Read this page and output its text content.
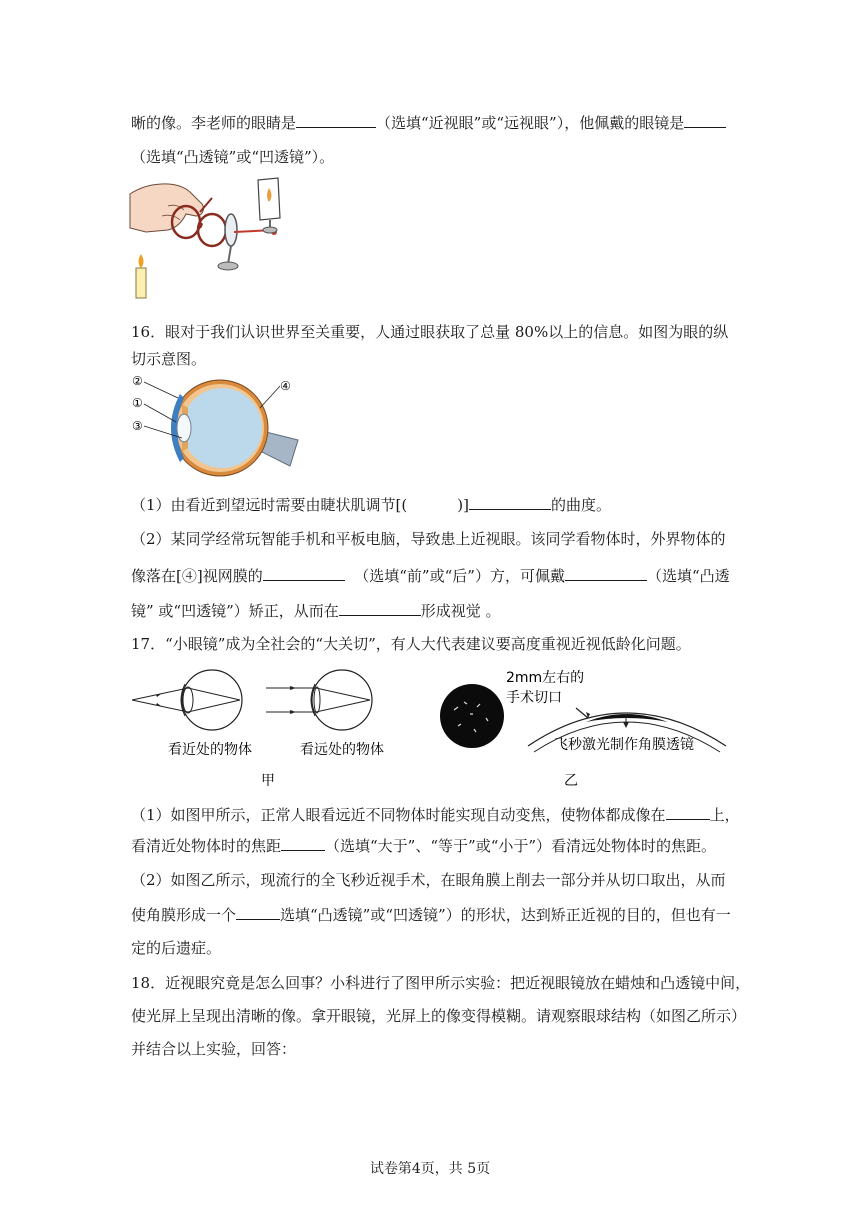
晰的像。李老师的眼睛是	（选填“近视眼”或“远视眼”），他佩戴的眼镜是
（选填“凸透镜”或“凹透镜”）。
16．眼对于我们认识世界至关重要，人通过眼获取了总量 80%以上的信息。如图为眼的纵
切示意图。
②
①
③
④
（1）由看近到望远时需要由睫状肌调节[(	)]	的曲度。
（2）某同学经常玩智能手机和平板电脑，导致患上近视眼。该同学看物体时，外界物体的
像落在[④]视网膜的	（选填“前”或“后”）方，可佩戴	（选填“凸透
镜” 或“凹透镜”）矫正，从而在	形成视觉 。
17．“小眼镜”成为全社会的“大关切”，有人大代表建议要高度重视近视低龄化问题。
看近处的物体	看远处的物体
甲
2mm左右的
手术切口
飞秒激光制作角膜透镜
乙
（1）如图甲所示，正常人眼看远近不同物体时能实现自动变焦，使物体都成像在	上，
看清近处物体时的焦距	（选填“大于”、“等于”或“小于”）看清远处物体时的焦距。
（2）如图乙所示，现流行的全飞秒近视手术，在眼角膜上削去一部分并从切口取出，从而
使角膜形成一个	选填“凸透镜”或“凹透镜”）的形状，达到矫正近视的目的，但也有一
定的后遗症。
18．近视眼究竟是怎么回事？小科进行了图甲所示实验：把近视眼镜放在蜡烛和凸透镜中间，
使光屏上呈现出清晰的像。拿开眼镜，光屏上的像变得模糊。请观察眼球结构（如图乙所示）
并结合以上实验，回答：
试卷第4页，共 5页
